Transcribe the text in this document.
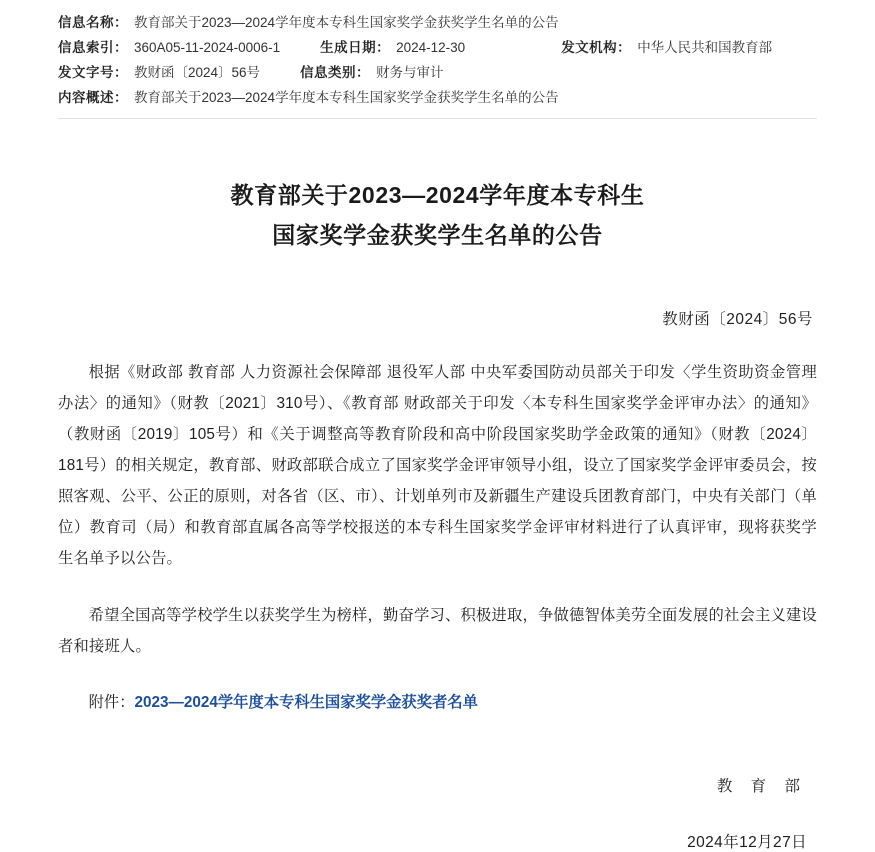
信息名称： 教育部关于2023—2024学年度本专科生国家奖学金获奖学生名单的公告
信息索引： 360A05-11-2024-0006-1	生成日期： 2024-12-30	发文机构： 中华人民共和国教育部
发文字号： 教财函〔2024〕56号	信息类别： 财务与审计
内容概述： 教育部关于2023—2024学年度本专科生国家奖学金获奖学生名单的公告
教育部关于2023—2024学年度本专科生
国家奖学金获奖学生名单的公告
教财函〔2024〕56号

根据《财政部 教育部 人力资源社会保障部 退役军人部 中央军委国防动员部关于印发〈学生资助资金管理办法〉的通知》（财教〔2021〕310号）、《教育部 财政部关于印发〈本专科生国家奖学金评审办法〉的通知》（教财函〔2019〕105号）和《关于调整高等教育阶段和高中阶段国家奖助学金政策的通知》（财教〔2024〕181号）的相关规定，教育部、财政部联合成立了国家奖学金评审领导小组，设立了国家奖学金评审委员会，按照客观、公平、公正的原则，对各省（区、市）、计划单列市及新疆生产建设兵团教育部门，中央有关部门（单位）教育司（局）和教育部直属各高等学校报送的本专科生国家奖学金评审材料进行了认真评审，现将获奖学生名单予以公告。

希望全国高等学校学生以获奖学生为榜样，勤奋学习、积极进取，争做德智体美劳全面发展的社会主义建设者和接班人。

附件：2023—2024学年度本专科生国家奖学金获奖者名单
教 育 部
2024年12月27日
